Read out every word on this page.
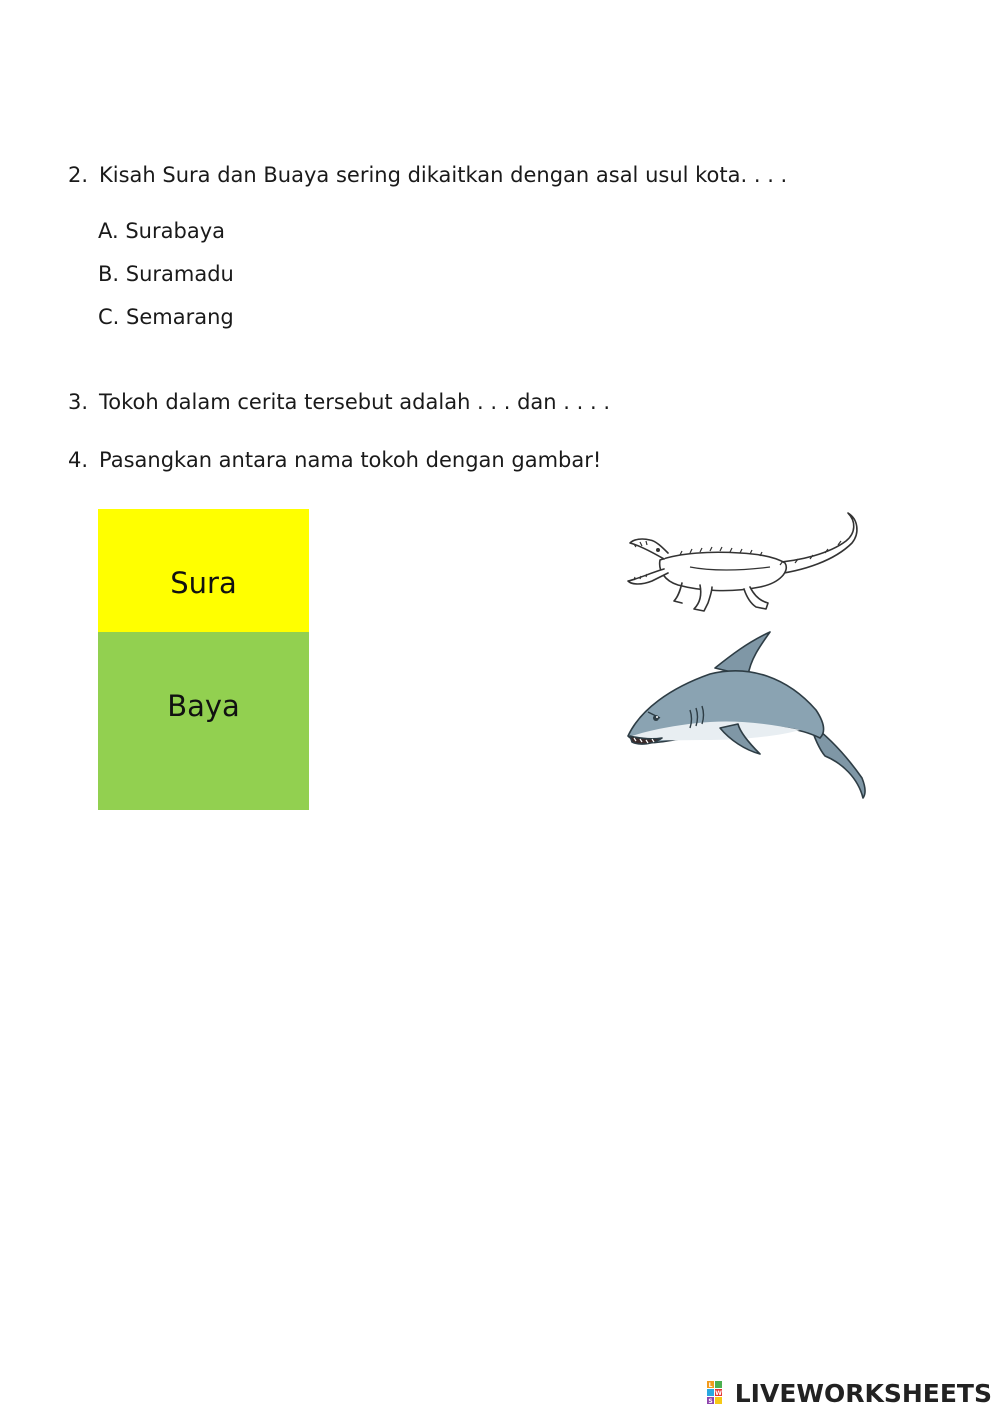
2. Kisah Sura dan Buaya sering dikaitkan dengan asal usul kota. . . .
A. Surabaya
B. Suramadu
C. Semarang
3. Tokoh dalam cerita tersebut adalah . . . dan . . . .
4. Pasangkan antara nama tokoh dengan gambar!
Sura
Baya
L
W
S LIVEWORKSHEETS
